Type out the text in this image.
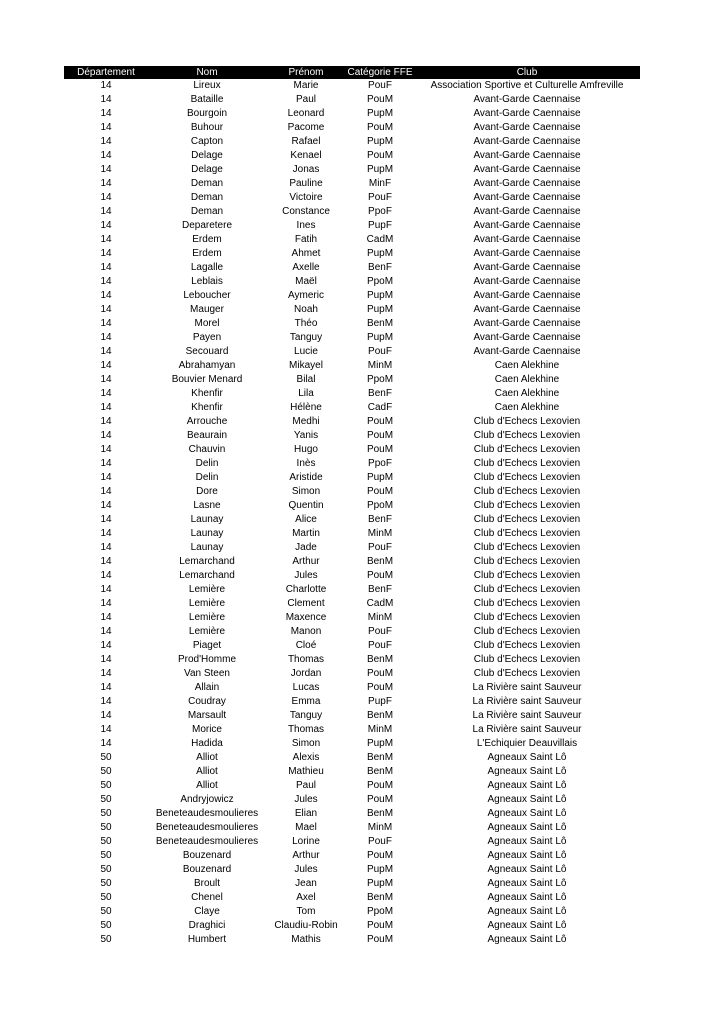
Département	Nom	Prénom	Catégorie FFE	Club
14	Lireux	Marie	PouF	Association Sportive et Culturelle Amfreville
14	Bataille	Paul	PouM	Avant-Garde Caennaise
14	Bourgoin	Leonard	PupM	Avant-Garde Caennaise
14	Buhour	Pacome	PouM	Avant-Garde Caennaise
14	Capton	Rafael	PupM	Avant-Garde Caennaise
14	Delage	Kenael	PouM	Avant-Garde Caennaise
14	Delage	Jonas	PupM	Avant-Garde Caennaise
14	Deman	Pauline	MinF	Avant-Garde Caennaise
14	Deman	Victoire	PouF	Avant-Garde Caennaise
14	Deman	Constance	PpoF	Avant-Garde Caennaise
14	Deparetere	Ines	PupF	Avant-Garde Caennaise
14	Erdem	Fatih	CadM	Avant-Garde Caennaise
14	Erdem	Ahmet	PupM	Avant-Garde Caennaise
14	Lagalle	Axelle	BenF	Avant-Garde Caennaise
14	Leblais	Maël	PpoM	Avant-Garde Caennaise
14	Leboucher	Aymeric	PupM	Avant-Garde Caennaise
14	Mauger	Noah	PupM	Avant-Garde Caennaise
14	Morel	Théo	BenM	Avant-Garde Caennaise
14	Payen	Tanguy	PupM	Avant-Garde Caennaise
14	Secouard	Lucie	PouF	Avant-Garde Caennaise
14	Abrahamyan	Mikayel	MinM	Caen Alekhine
14	Bouvier Menard	Bilal	PpoM	Caen Alekhine
14	Khenfir	Lila	BenF	Caen Alekhine
14	Khenfir	Hélène	CadF	Caen Alekhine
14	Arrouche	Medhi	PouM	Club d'Echecs Lexovien
14	Beaurain	Yanis	PouM	Club d'Echecs Lexovien
14	Chauvin	Hugo	PouM	Club d'Echecs Lexovien
14	Delin	Inès	PpoF	Club d'Echecs Lexovien
14	Delin	Aristide	PupM	Club d'Echecs Lexovien
14	Dore	Simon	PouM	Club d'Echecs Lexovien
14	Lasne	Quentin	PpoM	Club d'Echecs Lexovien
14	Launay	Alice	BenF	Club d'Echecs Lexovien
14	Launay	Martin	MinM	Club d'Echecs Lexovien
14	Launay	Jade	PouF	Club d'Echecs Lexovien
14	Lemarchand	Arthur	BenM	Club d'Echecs Lexovien
14	Lemarchand	Jules	PouM	Club d'Echecs Lexovien
14	Lemière	Charlotte	BenF	Club d'Echecs Lexovien
14	Lemière	Clement	CadM	Club d'Echecs Lexovien
14	Lemière	Maxence	MinM	Club d'Echecs Lexovien
14	Lemière	Manon	PouF	Club d'Echecs Lexovien
14	Piaget	Cloé	PouF	Club d'Echecs Lexovien
14	Prod'Homme	Thomas	BenM	Club d'Echecs Lexovien
14	Van Steen	Jordan	PouM	Club d'Echecs Lexovien
14	Allain	Lucas	PouM	La Rivière saint Sauveur
14	Coudray	Emma	PupF	La Rivière saint Sauveur
14	Marsault	Tanguy	BenM	La Rivière saint Sauveur
14	Morice	Thomas	MinM	La Rivière saint Sauveur
14	Hadida	Simon	PupM	L'Echiquier Deauvillais
50	Alliot	Alexis	BenM	Agneaux Saint Lô
50	Alliot	Mathieu	BenM	Agneaux Saint Lô
50	Alliot	Paul	PouM	Agneaux Saint Lô
50	Andryjowicz	Jules	PouM	Agneaux Saint Lô
50	Beneteaudesmoulieres	Elian	BenM	Agneaux Saint Lô
50	Beneteaudesmoulieres	Mael	MinM	Agneaux Saint Lô
50	Beneteaudesmoulieres	Lorine	PouF	Agneaux Saint Lô
50	Bouzenard	Arthur	PouM	Agneaux Saint Lô
50	Bouzenard	Jules	PupM	Agneaux Saint Lô
50	Broult	Jean	PupM	Agneaux Saint Lô
50	Chenel	Axel	BenM	Agneaux Saint Lô
50	Claye	Tom	PpoM	Agneaux Saint Lô
50	Draghici	Claudiu-Robin	PouM	Agneaux Saint Lô
50	Humbert	Mathis	PouM	Agneaux Saint Lô
